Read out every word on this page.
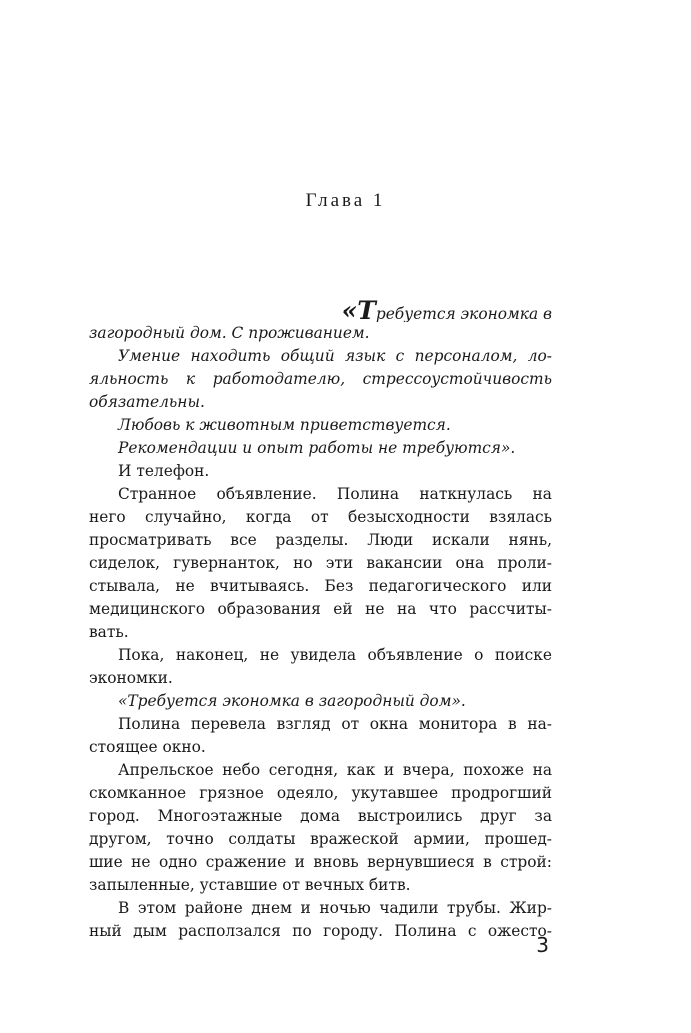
Глава 1
«Требуется экономка в
загородный дом. С проживанием.
Умение находить общий язык с персоналом, ло-
яльность к работодателю, стрессоустойчивость
обязательны.
Любовь к животным приветствуется.
Рекомендации и опыт работы не требуются».
И телефон.
Странное объявление. Полина наткнулась на
него случайно, когда от безысходности взялась
просматривать все разделы. Люди искали нянь,
сиделок, гувернанток, но эти вакансии она проли-
стывала, не вчитываясь. Без педагогического или
медицинского образования ей не на что рассчиты-
вать.
Пока, наконец, не увидела объявление о поиске
экономки.
«Требуется экономка в загородный дом».
Полина перевела взгляд от окна монитора в на-
стоящее окно.
Апрельское небо сегодня, как и вчера, похоже на
скомканное грязное одеяло, укутавшее продрогший
город. Многоэтажные дома выстроились друг за
другом, точно солдаты вражеской армии, прошед-
шие не одно сражение и вновь вернувшиеся в строй:
запыленные, уставшие от вечных битв.
В этом районе днем и ночью чадили трубы. Жир-
ный дым расползался по городу. Полина с ожесто-
3
